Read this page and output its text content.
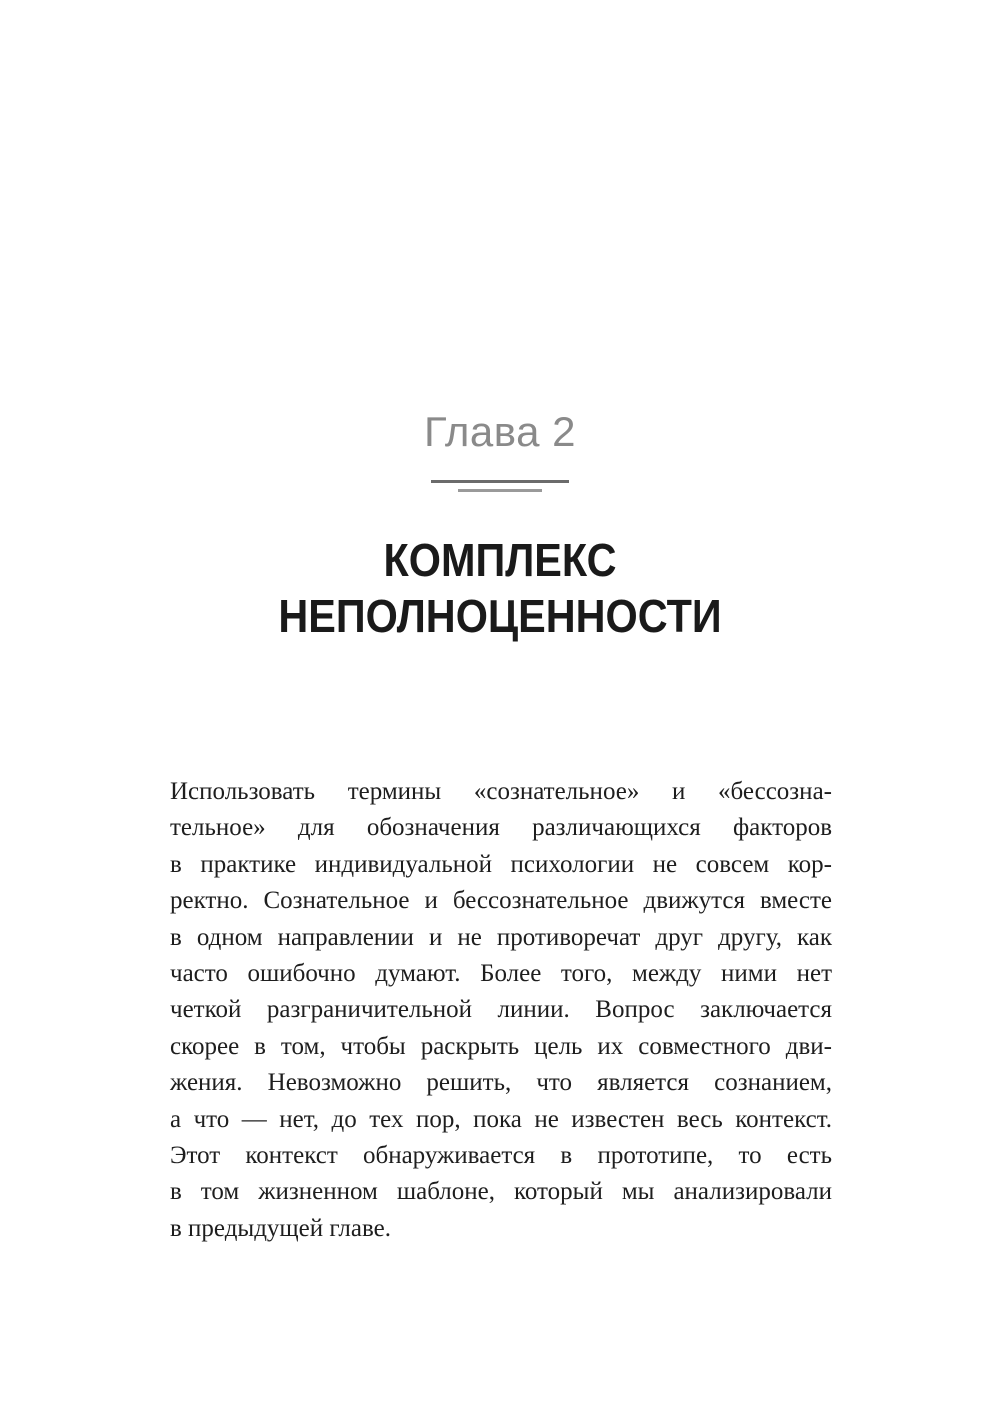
Глава 2
КОМПЛЕКС
НЕПОЛНОЦЕННОСТИ
Использовать термины «сознательное» и «бессозна-
тельное» для обозначения различающихся факторов
в практике индивидуальной психологии не совсем кор-
ректно. Сознательное и бессознательное движутся вместе
в одном направлении и не противоречат друг другу, как
часто ошибочно думают. Более того, между ними нет
четкой разграничительной линии. Вопрос заключается
скорее в том, чтобы раскрыть цель их совместного дви-
жения. Невозможно решить, что является сознанием,
а что — нет, до тех пор, пока не известен весь контекст.
Этот контекст обнаруживается в прототипе, то есть
в том жизненном шаблоне, который мы анализировали
в предыдущей главе.
